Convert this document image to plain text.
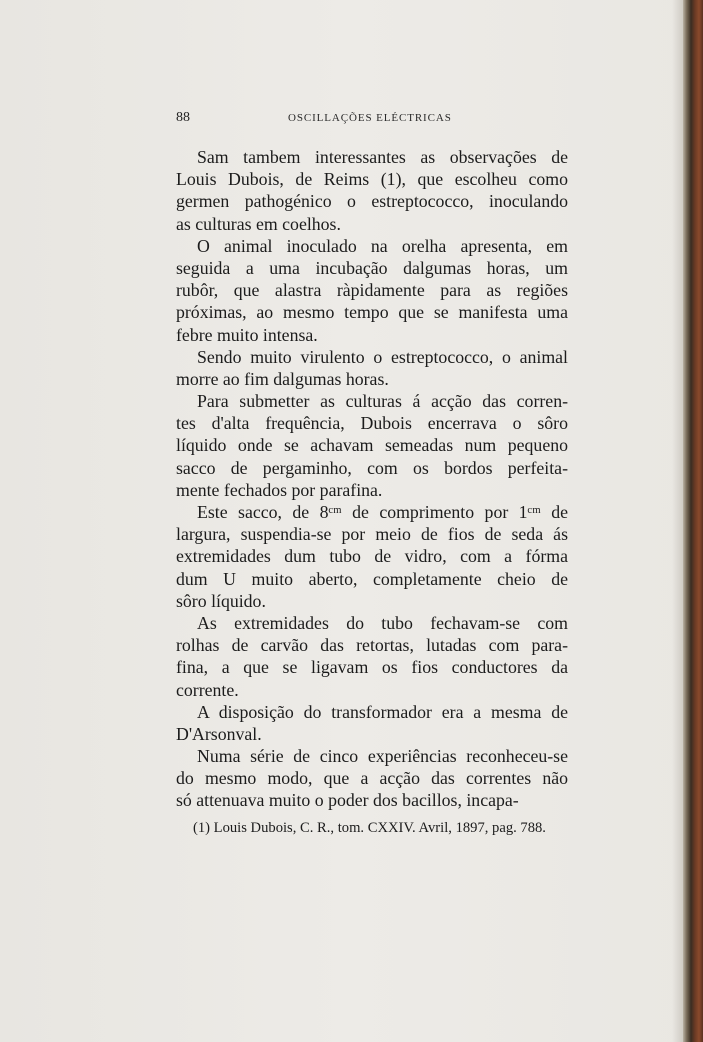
88	OSCILLAÇÕES ELÉCTRICAS
Sam tambem interessantes as observações de
Louis Dubois, de Reims (1), que escolheu como
germen pathogénico o estreptococco, inoculando
as culturas em coelhos.
O animal inoculado na orelha apresenta, em
seguida a uma incubação dalgumas horas, um
rubôr, que alastra ràpidamente para as regiões
próximas, ao mesmo tempo que se manifesta uma
febre muito intensa.
Sendo muito virulento o estreptococco, o animal
morre ao fim dalgumas horas.
Para submetter as culturas á acção das corren-
tes d'alta frequência, Dubois encerrava o sôro
líquido onde se achavam semeadas num pequeno
sacco de pergaminho, com os bordos perfeita-
mente fechados por parafina.
Este sacco, de 8ᶜᵐ de comprimento por 1ᶜᵐ de
largura, suspendia-se por meio de fios de seda ás
extremidades dum tubo de vidro, com a fórma
dum U muito aberto, completamente cheio de
sôro líquido.
As extremidades do tubo fechavam-se com
rolhas de carvão das retortas, lutadas com para-
fina, a que se ligavam os fios conductores da
corrente.
A disposição do transformador era a mesma de
D'Arsonval.
Numa série de cinco experiências reconheceu-se
do mesmo modo, que a acção das correntes não
só attenuava muito o poder dos bacillos, incapa-
(1) Louis Dubois, C. R., tom. CXXIV. Avril, 1897, pag. 788.
